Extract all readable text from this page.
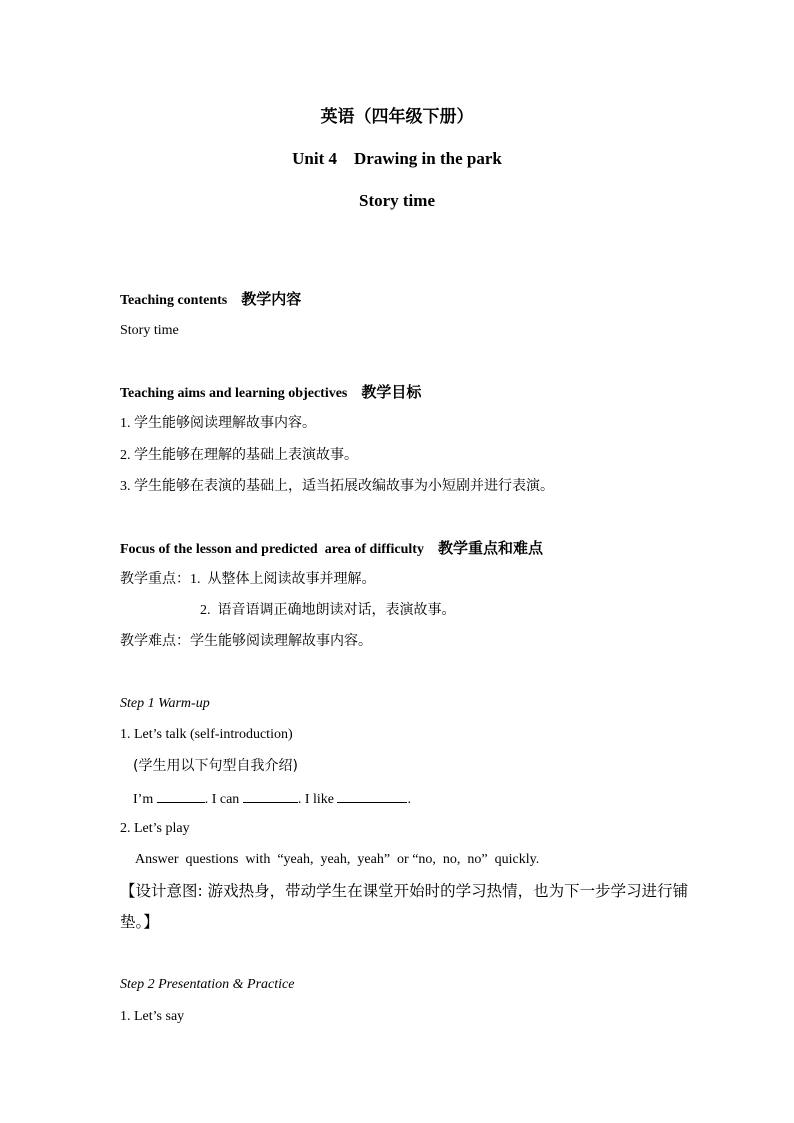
英语（四年级下册）
Unit 4    Drawing in the park
Story time
Teaching contents 教学内容
Story time
Teaching aims and learning objectives 教学目标
1. 学生能够阅读理解故事内容。
2. 学生能够在理解的基础上表演故事。
3. 学生能够在表演的基础上，适当拓展改编故事为小短剧并进行表演。
Focus of the lesson and predicted  area of difficulty 教学重点和难点
教学重点：1. 从整体上阅读故事并理解。
2. 语音语调正确地朗读对话，表演故事。
教学难点：学生能够阅读理解故事内容。
Step 1 Warm-up
1. Let’s talk (self-introduction)
(学生用以下句型自我介绍)
I’m	. I can	. I like	.
2. Let’s play
Answer  questions  with  “yeah,  yeah,  yeah”  or “no,  no,  no”  quickly.
【设计意图: 游戏热身，带动学生在课堂开始时的学习热情，也为下一步学习进行铺垫。】
Step 2 Presentation & Practice
1. Let’s say
